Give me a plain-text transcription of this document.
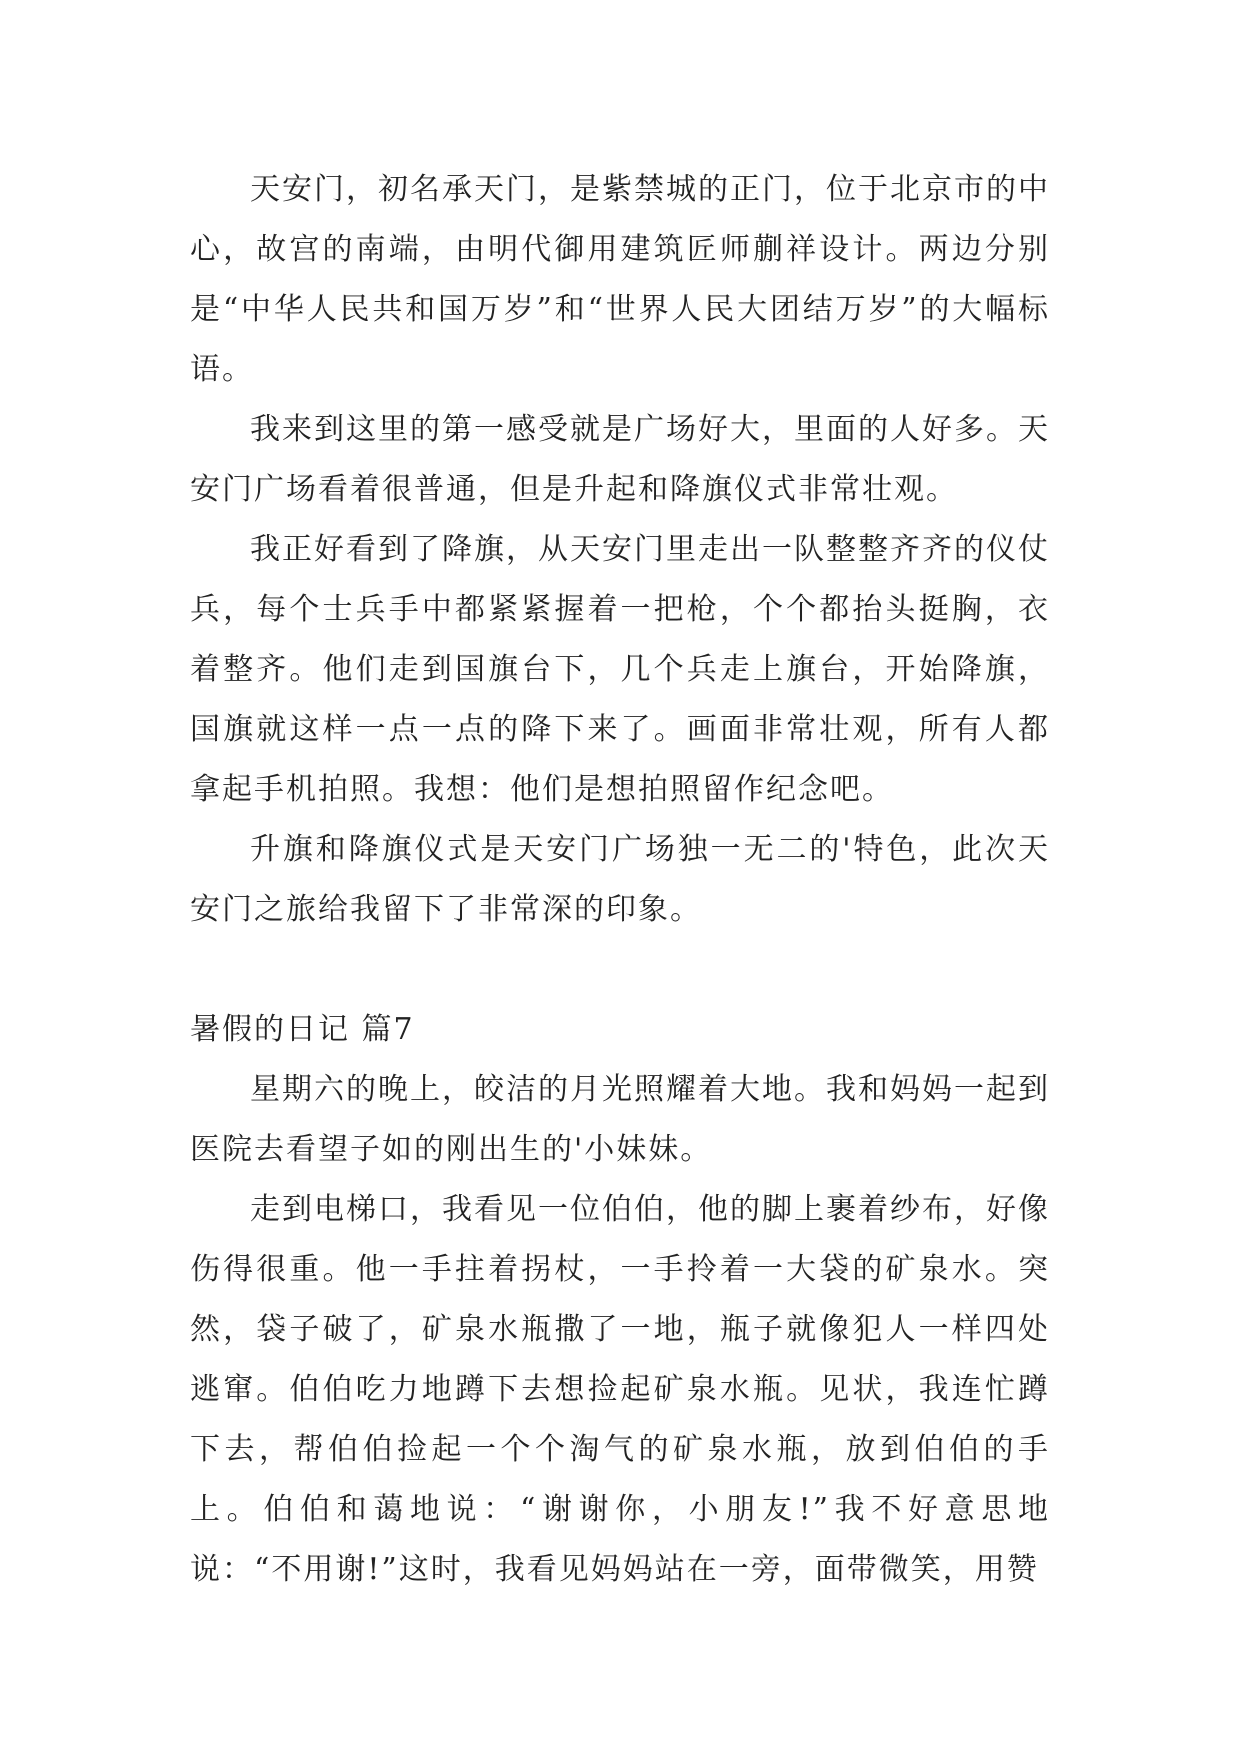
天安门，初名承天门，是紫禁城的正门，位于北京市的中心，故宫的南端，由明代御用建筑匠师蒯祥设计。两边分别是“中华人民共和国万岁”和“世界人民大团结万岁”的大幅标语。

我来到这里的第一感受就是广场好大，里面的人好多。天安门广场看着很普通，但是升起和降旗仪式非常壮观。

我正好看到了降旗，从天安门里走出一队整整齐齐的仪仗兵，每个士兵手中都紧紧握着一把枪，个个都抬头挺胸，衣着整齐。他们走到国旗台下，几个兵走上旗台，开始降旗，国旗就这样一点一点的降下来了。画面非常壮观，所有人都拿起手机拍照。我想：他们是想拍照留作纪念吧。

升旗和降旗仪式是天安门广场独一无二的'特色，此次天安门之旅给我留下了非常深的印象。

暑假的日记 篇7

星期六的晚上，皎洁的月光照耀着大地。我和妈妈一起到医院去看望子如的刚出生的'小妹妹。

走到电梯口，我看见一位伯伯，他的脚上裹着纱布，好像伤得很重。他一手拄着拐杖，一手拎着一大袋的矿泉水。突然，袋子破了，矿泉水瓶撒了一地，瓶子就像犯人一样四处逃窜。伯伯吃力地蹲下去想捡起矿泉水瓶。见状，我连忙蹲下去，帮伯伯捡起一个个淘气的矿泉水瓶，放到伯伯的手上。伯伯和蔼地说：“谢谢你，小朋友!”我不好意思地说：“不用谢!”这时，我看见妈妈站在一旁，面带微笑，用赞
